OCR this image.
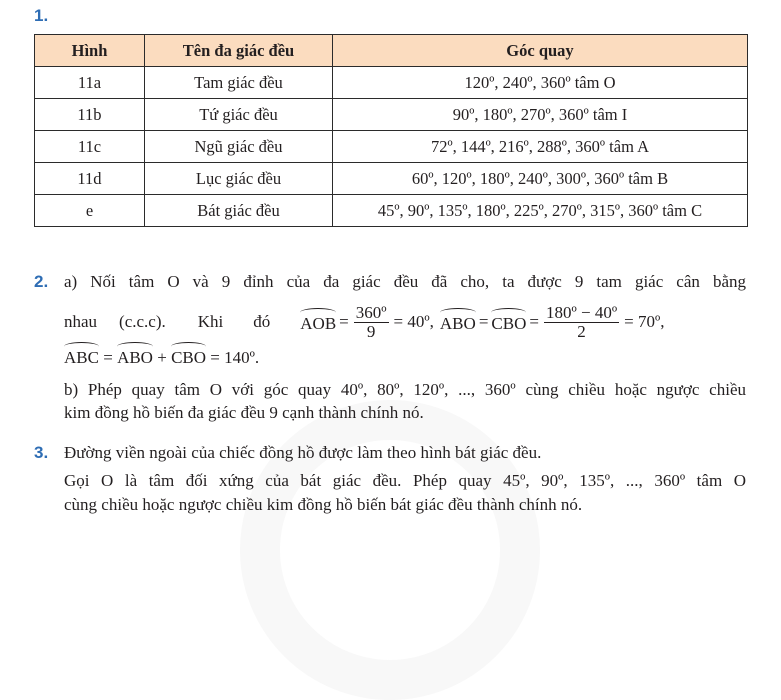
1.
Hình	Tên đa giác đều	Góc quay
11a	Tam giác đều	120º, 240º, 360º tâm O
11b	Tứ giác đều	90º, 180º, 270º, 360º tâm I
11c	Ngũ giác đều	72º, 144º, 216º, 288º, 360º tâm A
11d	Lục giác đều	60º, 120º, 180º, 240º, 300º, 360º tâm B
e	Bát giác đều	45º, 90º, 135º, 180º, 225º, 270º, 315º, 360º tâm C
2. a) Nối tâm O và 9 đỉnh của đa giác đều đã cho, ta được 9 tam giác cân bằng
nhau (c.c.c). Khi đó AOB = $\frac{\text{360º}}{9}$ = 40º, ABO = CBO = $\frac{\text{180º − 40º}}{2}$ = 70º,
ABC = ABO + CBO = 140º.
b) Phép quay tâm O với góc quay 40º, 80º, 120º, ..., 360º cùng chiều hoặc ngược chiều
kim đồng hồ biến đa giác đều 9 cạnh thành chính nó.
3. Đường viền ngoài của chiếc đồng hồ được làm theo hình bát giác đều.
Gọi O là tâm đối xứng của bát giác đều. Phép quay 45º, 90º, 135º, ..., 360º tâm O
cùng chiều hoặc ngược chiều kim đồng hồ biến bát giác đều thành chính nó.
